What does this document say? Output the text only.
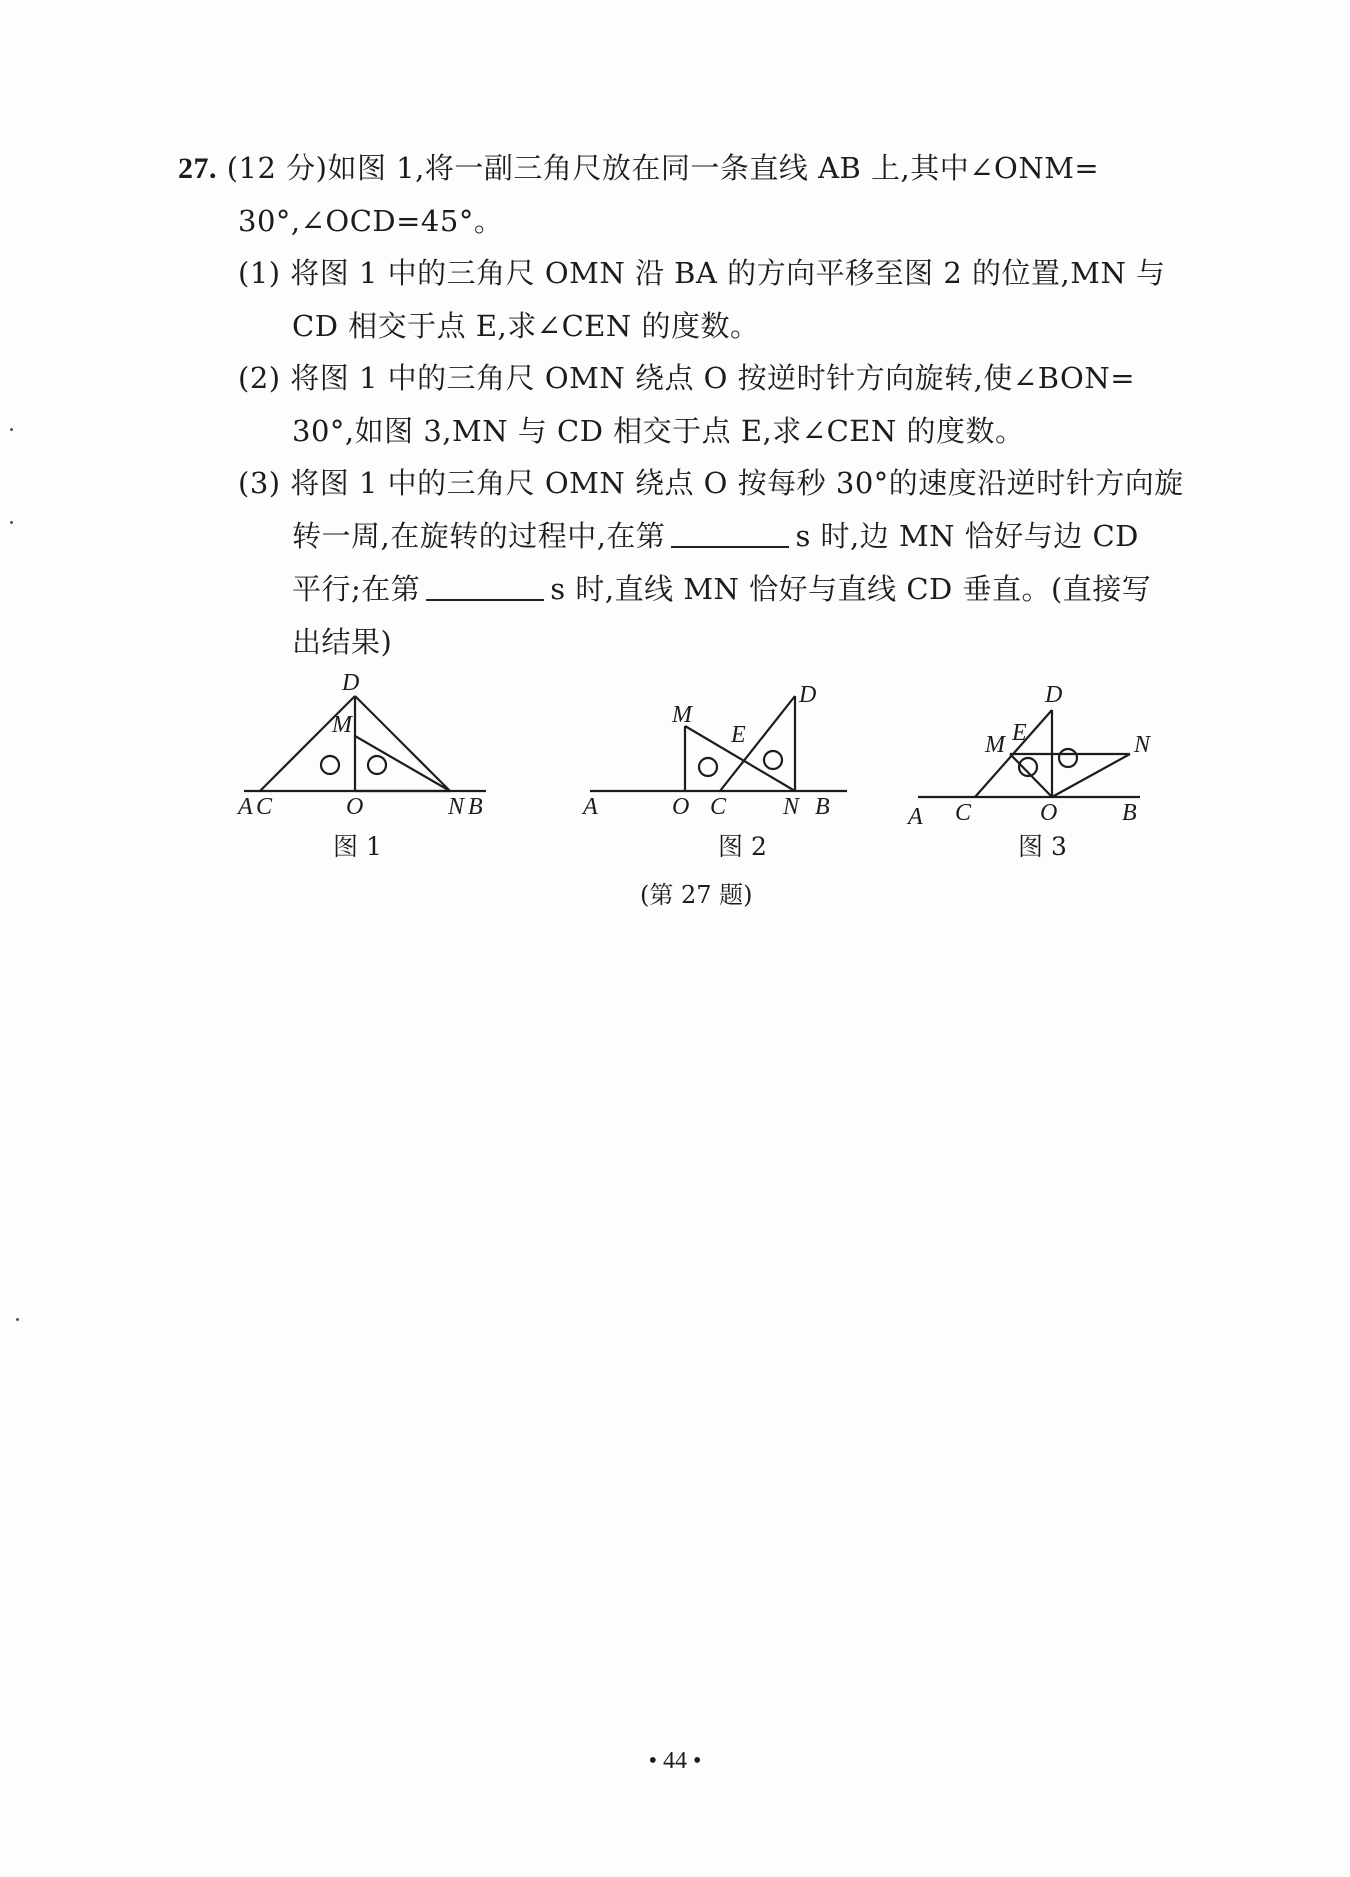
27. (12 分)如图 1,将一副三角尺放在同一条直线 AB 上,其中∠ONM=
30°,∠OCD=45°。
(1) 将图 1 中的三角尺 OMN 沿 BA 的方向平移至图 2 的位置,MN 与
CD 相交于点 E,求∠CEN 的度数。
(2) 将图 1 中的三角尺 OMN 绕点 O 按逆时针方向旋转,使∠BON=
30°,如图 3,MN 与 CD 相交于点 E,求∠CEN 的度数。
(3) 将图 1 中的三角尺 OMN 绕点 O 按每秒 30°的速度沿逆时针方向旋
转一周,在旋转的过程中,在第	s 时,边 MN 恰好与边 CD
平行;在第	s 时,直线 MN 恰好与直线 CD 垂直。(直接写
出结果)
D
M
A C	O	N B
图 1
M
E
D
A	O C N B
图 2
D
M E	N
A C	O	B
图 3
(第 27 题)
• 44 •
